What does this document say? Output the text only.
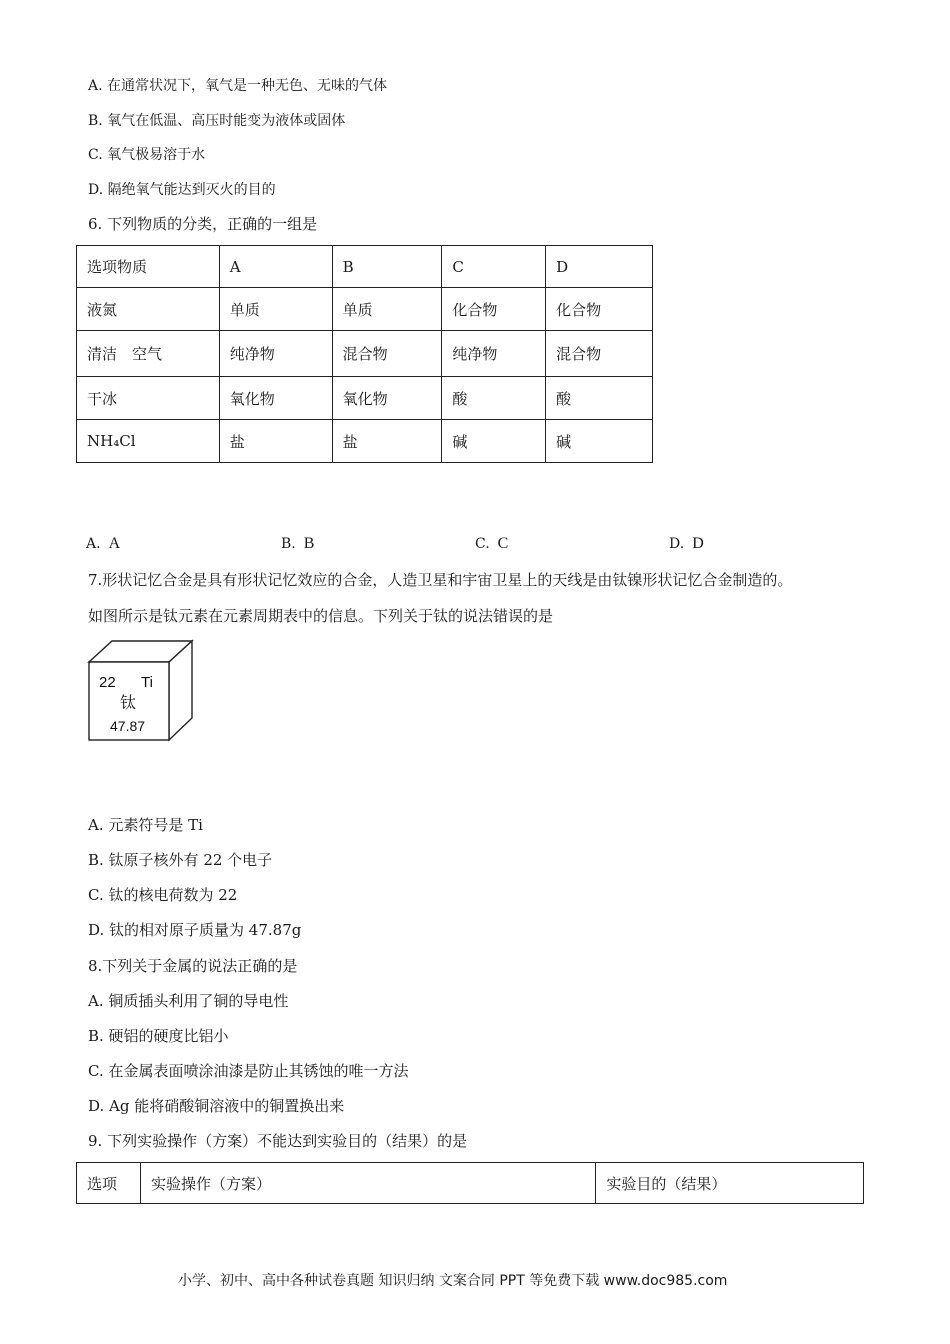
A. 在通常状况下，氧气是一种无色、无味的气体
B. 氧气在低温、高压时能变为液体或固体
C. 氧气极易溶于水
D. 隔绝氧气能达到灭火的目的
6. 下列物质的分类，正确的一组是
选项物质	A	B	C	D
液氮	单质	单质	化合物	化合物
清洁　空气	纯净物	混合物	纯净物	混合物
干冰	氧化物	氧化物	酸	酸
NH₄Cl	盐	盐	碱	碱
A. A	B. B	C. C	D. D
7.形状记忆合金是具有形状记忆效应的合金，人造卫星和宇宙卫星上的天线是由钛镍形状记忆合金制造的。
如图所示是钛元素在元素周期表中的信息。下列关于钛的说法错误的是
22 Ti
钛
47.87
A. 元素符号是 Ti
B. 钛原子核外有 22 个电子
C. 钛的核电荷数为 22
D. 钛的相对原子质量为 47.87g
8.下列关于金属的说法正确的是
A. 铜质插头利用了铜的导电性
B. 硬铝的硬度比铝小
C. 在金属表面喷涂油漆是防止其锈蚀的唯一方法
D. Ag 能将硝酸铜溶液中的铜置换出来
9. 下列实验操作（方案）不能达到实验目的（结果）的是
选项	实验操作（方案）	实验目的（结果）
小学、初中、高中各种试卷真题 知识归纳 文案合同 PPT 等免费下载 www.doc985.com
